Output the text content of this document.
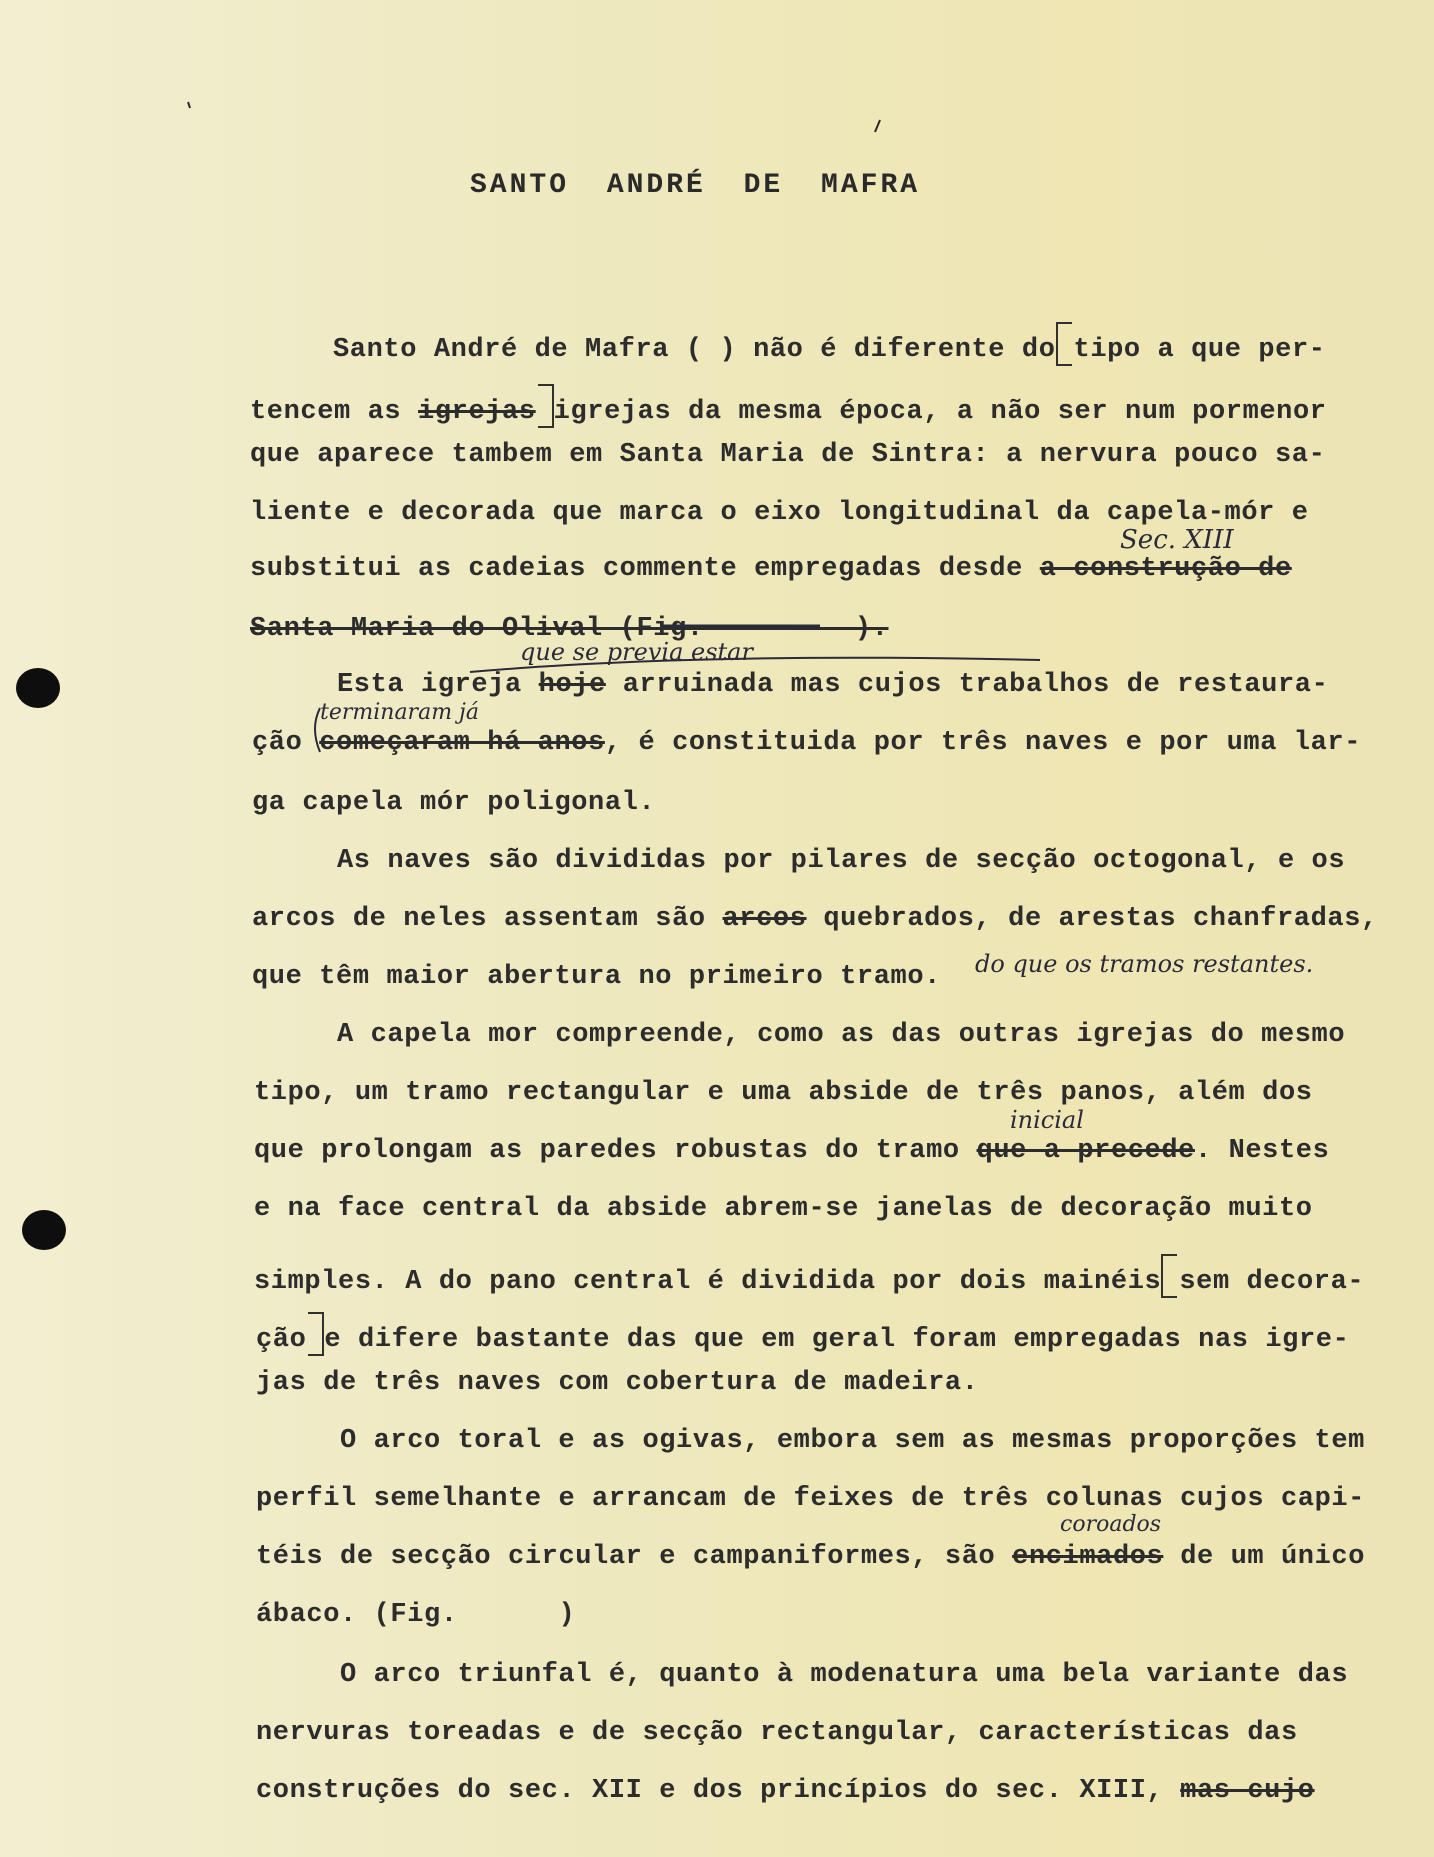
SANTO ANDRÉ DE MAFRA
Santo André de Mafra ( ) não é diferente do tipo a que per-
tencem as igrejas igrejas da mesma época, a não ser num pormenor
que aparece tambem em Santa Maria de Sintra: a nervura pouco sa-
liente e decorada que marca o eixo longitudinal da capela-mór e
substitui as cadeias commente empregadas desde a construção de
Santa Maria do Olival (Fig.         ).
Esta igreja hoje arruinada mas cujos trabalhos de restaura-
ção começaram há anos, é constituida por três naves e por uma lar-
ga capela mór poligonal.
As naves são divididas por pilares de secção octogonal, e os
arcos de neles assentam são arcos quebrados, de arestas chanfradas,
que têm maior abertura no primeiro tramo.
A capela mor compreende, como as das outras igrejas do mesmo
tipo, um tramo rectangular e uma abside de três panos, além dos
que prolongam as paredes robustas do tramo que a precede. Nestes
e na face central da abside abrem-se janelas de decoração muito
simples. A do pano central é dividida por dois mainéis sem decora-
ção e difere bastante das que em geral foram empregadas nas igre-
jas de três naves com cobertura de madeira.
O arco toral e as ogivas, embora sem as mesmas proporções tem
perfil semelhante e arrancam de feixes de três colunas cujos capi-
téis de secção circular e campaniformes, são encimados de um único
ábaco. (Fig.      )
O arco triunfal é, quanto à modenatura uma bela variante das
nervuras toreadas e de secção rectangular, características das
construções do sec. XII e dos princípios do sec. XIII, mas cujo
Sec. XIII
que se previa estar
terminaram já
do que os tramos restantes.
inicial
coroados
